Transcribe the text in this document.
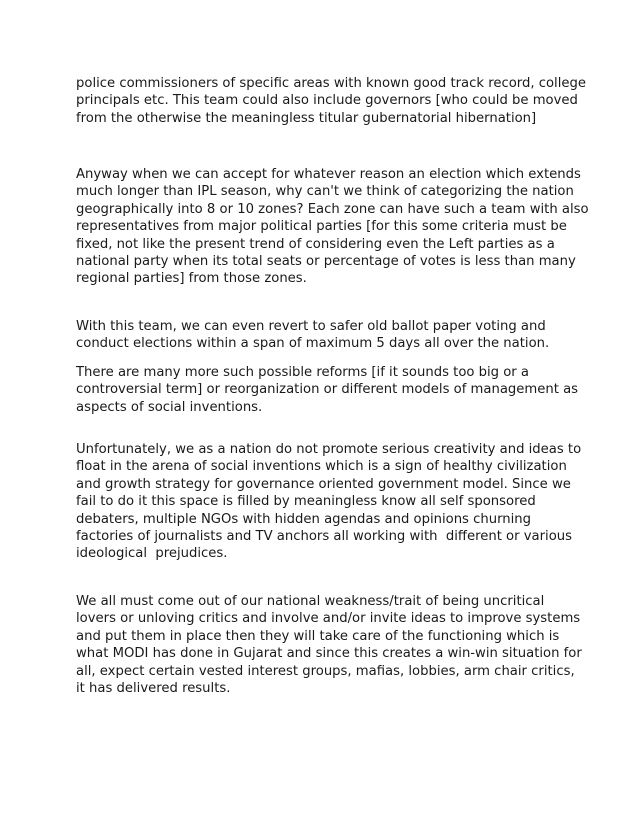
police commissioners of specific areas with known good track record, college
principals etc. This team could also include governors [who could be moved
from the otherwise the meaningless titular gubernatorial hibernation]

Anyway when we can accept for whatever reason an election which extends
much longer than IPL season, why can't we think of categorizing the nation
geographically into 8 or 10 zones? Each zone can have such a team with also
representatives from major political parties [for this some criteria must be
fixed, not like the present trend of considering even the Left parties as a
national party when its total seats or percentage of votes is less than many
regional parties] from those zones.

With this team, we can even revert to safer old ballot paper voting and
conduct elections within a span of maximum 5 days all over the nation.

There are many more such possible reforms [if it sounds too big or a
controversial term] or reorganization or different models of management as
aspects of social inventions.

Unfortunately, we as a nation do not promote serious creativity and ideas to
float in the arena of social inventions which is a sign of healthy civilization
and growth strategy for governance oriented government model. Since we
fail to do it this space is filled by meaningless know all self sponsored
debaters, multiple NGOs with hidden agendas and opinions churning
factories of journalists and TV anchors all working with  different or various
ideological  prejudices.

We all must come out of our national weakness/trait of being uncritical
lovers or unloving critics and involve and/or invite ideas to improve systems
and put them in place then they will take care of the functioning which is
what MODI has done in Gujarat and since this creates a win-win situation for
all, expect certain vested interest groups, mafias, lobbies, arm chair critics,
it has delivered results.
